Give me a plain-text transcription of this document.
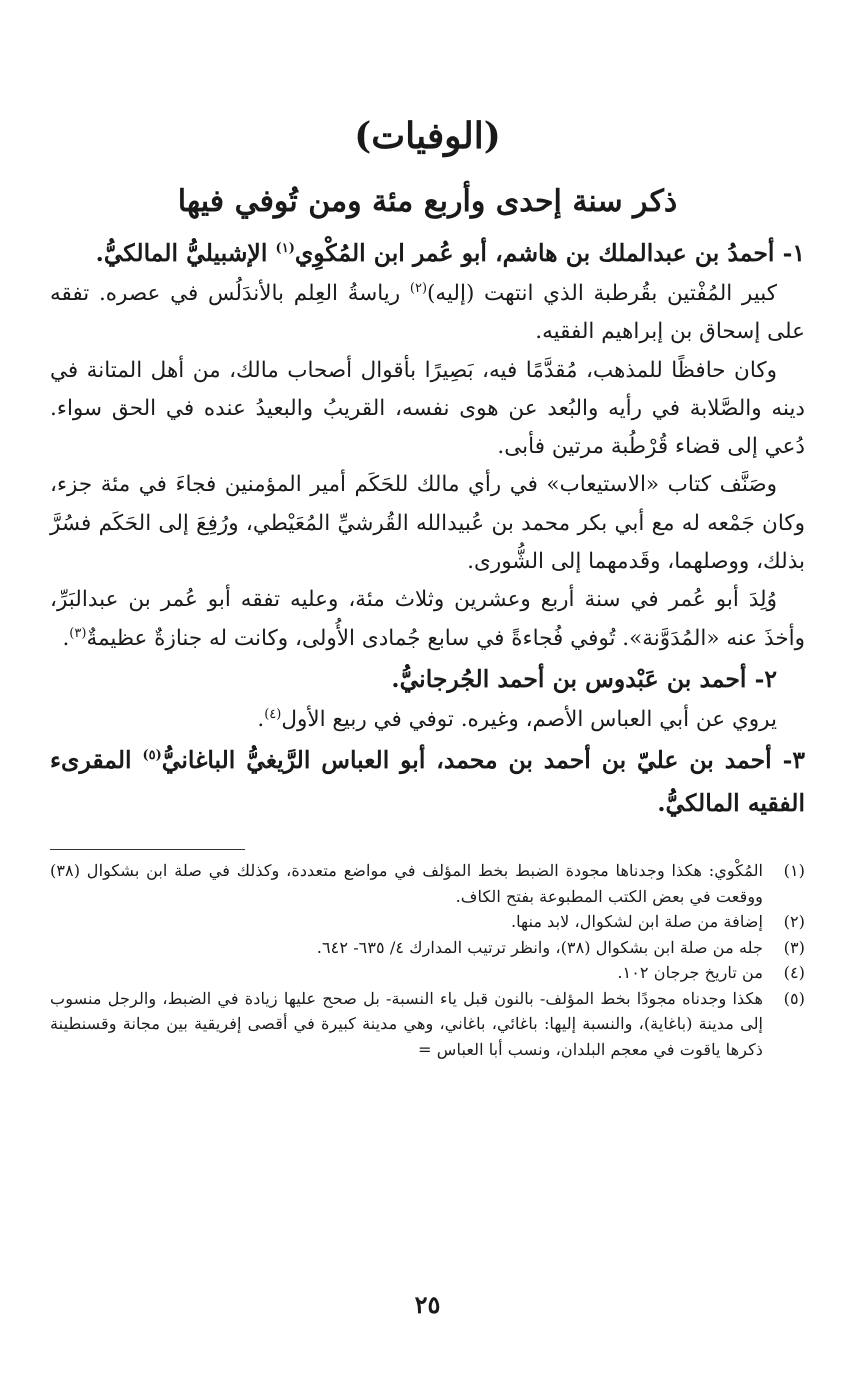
(الوفيات)
ذكر سنة إحدى وأربع مئة ومن تُوفي فيها

١- أحمدُ بن عبدالملك بن هاشم، أبو عُمر ابن المُكْوِي$^{(١)}$ الإشبيليُّ المالكيُّ.

كبير المُفْتين بقُرطبة الذي انتهت (إليه)$^{(٢)}$ رياسةُ العِلم بالأندَلُس في عصره. تفقه على إسحاق بن إبراهيم الفقيه.

وكان حافظًا للمذهب، مُقدَّمًا فيه، بَصِيرًا بأقوال أصحاب مالك، من أهل المتانة في دينه والصَّلابة في رأيه والبُعد عن هوى نفسه، القريبُ والبعيدُ عنده في الحق سواء. دُعي إلى قضاء قُرْطُبة مرتين فأبى.

وصَنَّف كتاب «الاستيعاب» في رأي مالك للحَكَم أمير المؤمنين فجاءَ في مئة جزء، وكان جَمْعه له مع أبي بكر محمد بن عُبيدالله القُرشيِّ المُعَيْطي، ورُفِعَ إلى الحَكَم فسُرَّ بذلك، ووصلهما، وقَدمهما إلى الشُّورى.

وُلِدَ أبو عُمر في سنة أربع وعشرين وثلاث مئة، وعليه تفقه أبو عُمر بن عبدالبَرِّ، وأخذَ عنه «المُدَوَّنة». تُوفي فُجاءةً في سابع جُمادى الأُولى، وكانت له جنازةٌ عظيمةٌ$^{(٣)}$.

٢- أحمد بن عَبْدوس بن أحمد الجُرجانيُّ.

يروي عن أبي العباس الأصم، وغيره. توفي في ربيع الأول$^{(٤)}$.

٣- أحمد بن عليّ بن أحمد بن محمد، أبو العباس الرَّيغيُّ الباغانيُّ$^{(٥)}$ المقرىء الفقيه المالكيُّ.

(١)
المُكْوي: هكذا وجدناها مجودة الضبط بخط المؤلف في مواضع متعددة، وكذلك في صلة ابن بشكوال (٣٨) ووقعت في بعض الكتب المطبوعة بفتح الكاف.
(٢)
إضافة من صلة ابن لشكوال، لابد منها.
(٣)
جله من صلة ابن بشكوال (٣٨)، وانظر ترتيب المدارك ٤/ ٦٣٥- ٦٤٢.
(٤)
من تاريخ جرجان ١٠٢.
(٥)
هكذا وجدناه مجودًا بخط المؤلف- بالنون قبل ياء النسبة- بل صحح عليها زيادة في الضبط، والرجل منسوب إلى مدينة (باغاية)، والنسبة إليها: باغائي، باغاني، وهي مدينة كبيرة في أقصى إفريقية بين مجانة وقسنطينة ذكرها ياقوت في معجم البلدان، ونسب أبا العباس =
٢٥
